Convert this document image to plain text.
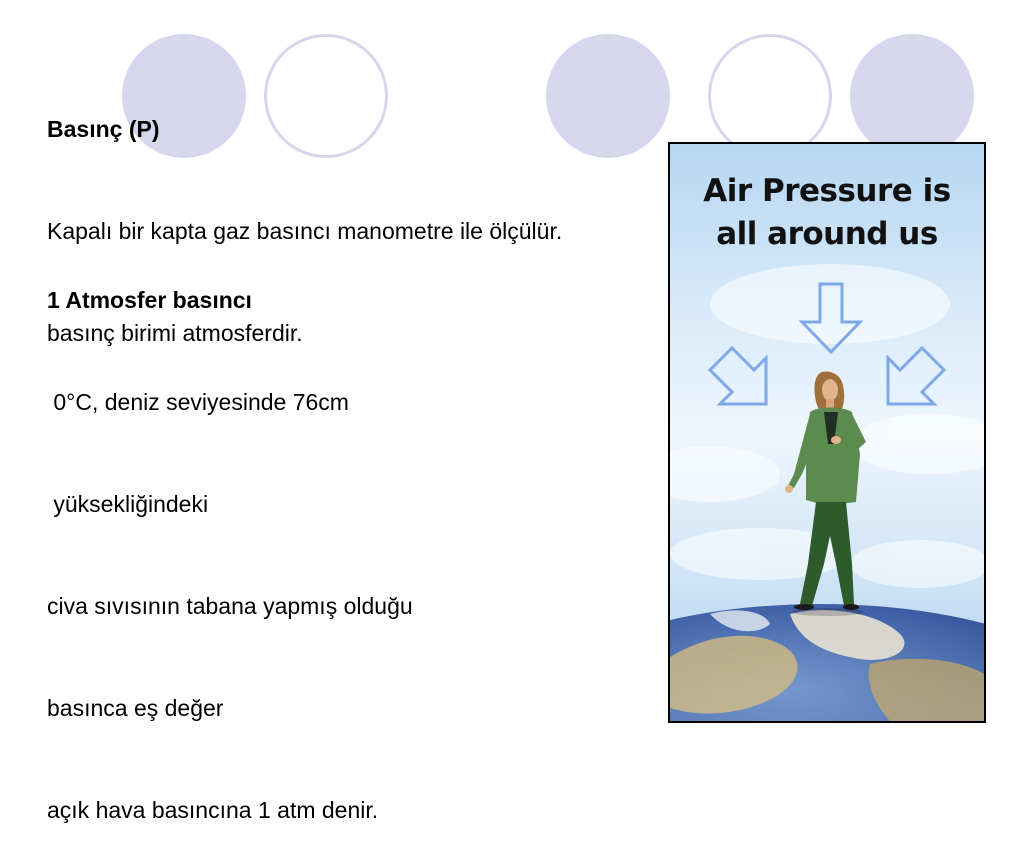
Basınç (P)

Kapalı bir kapta gaz basıncı manometre ile ölçülür.

basınç birimi atmosferdir.

1 Atmosfer basıncı

0°C, deniz seviyesinde 76cm

yüksekliğindeki

civa sıvısının tabana yapmış olduğu

basınca eş değer

açık hava basıncına 1 atm denir.

Air Pressure is
all around us
